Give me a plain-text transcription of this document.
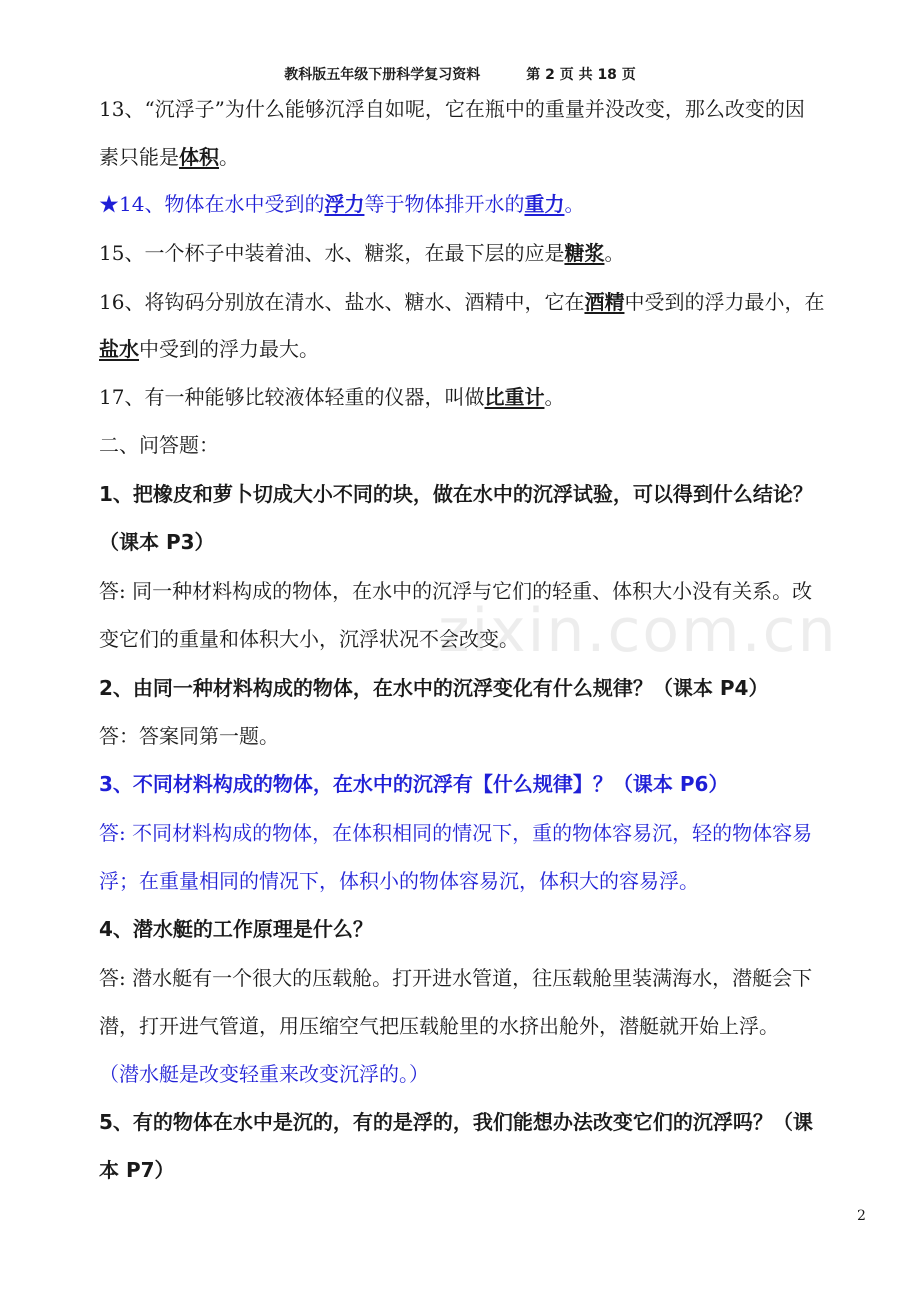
教科版五年级下册科学复习资料	第 2 页 共 18 页
zixin.com.cn
13、“沉浮子”为什么能够沉浮自如呢，它在瓶中的重量并没改变，那么改变的因
素只能是体积。
★14、物体在水中受到的浮力等于物体排开水的重力。
15、一个杯子中装着油、水、糖浆，在最下层的应是糖浆。
16、将钩码分别放在清水、盐水、糖水、酒精中，它在酒精中受到的浮力最小，在
盐水中受到的浮力最大。
17、有一种能够比较液体轻重的仪器，叫做比重计。
二、问答题：
1、把橡皮和萝卜切成大小不同的块，做在水中的沉浮试验，可以得到什么结论？
（课本 P3）
答: 同一种材料构成的物体，在水中的沉浮与它们的轻重、体积大小没有关系。改
变它们的重量和体积大小，沉浮状况不会改变。
2、由同一种材料构成的物体，在水中的沉浮变化有什么规律？（课本 P4）
答：答案同第一题。
3、不同材料构成的物体，在水中的沉浮有【什么规律】？（课本 P6）
答: 不同材料构成的物体，在体积相同的情况下，重的物体容易沉，轻的物体容易
浮；在重量相同的情况下，体积小的物体容易沉，体积大的容易浮。
4、潜水艇的工作原理是什么？
答: 潜水艇有一个很大的压载舱。打开进水管道，往压载舱里装满海水，潜艇会下
潜，打开进气管道，用压缩空气把压载舱里的水挤出舱外，潜艇就开始上浮。
（潜水艇是改变轻重来改变沉浮的。）
5、有的物体在水中是沉的，有的是浮的，我们能想办法改变它们的沉浮吗？（课
本 P7）
2
